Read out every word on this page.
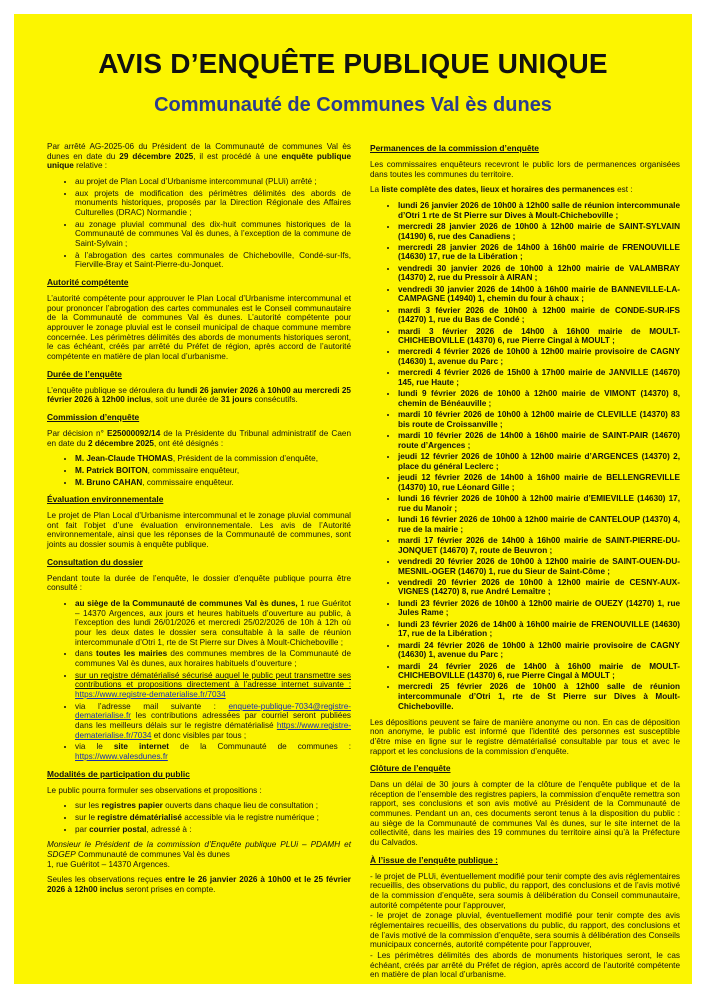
AVIS D’ENQUÊTE PUBLIQUE UNIQUE
Communauté de Communes Val ès dunes

Par arrêté AG-2025-06 du Président de la Communauté de communes Val ès dunes en date du 29 décembre 2025, il est procédé à une enquête publique unique relative :

• au projet de Plan Local d’Urbanisme intercommunal (PLUi) arrêté ;
• aux projets de modification des périmètres délimités des abords de monuments historiques, proposés par la Direction Régionale des Affaires Culturelles (DRAC) Normandie ;
• au zonage pluvial communal des dix-huit communes historiques de la Communauté de communes Val ès dunes, à l’exception de la commune de Saint-Sylvain ;
• à l’abrogation des cartes communales de Chicheboville, Condé-sur-Ifs, Fierville-Bray et Saint-Pierre-du-Jonquet.
Autorité compétente

L’autorité compétente pour approuver le Plan Local d’Urbanisme intercommunal et pour prononcer l’abrogation des cartes communales est le Conseil communautaire de la Communauté de communes Val ès dunes. L’autorité compétente pour approuver le zonage pluvial est le conseil municipal de chaque commune membre concernée. Les périmètres délimités des abords de monuments historiques seront, le cas échéant, créés par arrêté du Préfet de région, après accord de l’autorité compétente en matière de plan local d’urbanisme.

Durée de l’enquête

L’enquête publique se déroulera du lundi 26 janvier 2026 à 10h00 au mercredi 25 février 2026 à 12h00 inclus, soit une durée de 31 jours consécutifs.

Commission d’enquête

Par décision n° E25000092/14 de la Présidente du Tribunal administratif de Caen en date du 2 décembre 2025, ont été désignés :

• M. Jean-Claude THOMAS, Président de la commission d’enquête,
• M. Patrick BOITON, commissaire enquêteur,
• M. Bruno CAHAN, commissaire enquêteur.
Évaluation environnementale

Le projet de Plan Local d’Urbanisme intercommunal et le zonage pluvial communal ont fait l’objet d’une évaluation environnementale. Les avis de l’Autorité environnementale, ainsi que les réponses de la Communauté de communes, sont joints au dossier soumis à enquête publique.

Consultation du dossier

Pendant toute la durée de l’enquête, le dossier d’enquête publique pourra être consulté :

• au siège de la Communauté de communes Val ès dunes, 1 rue Guéritot – 14370 Argences, aux jours et heures habituels d’ouverture au public, à l’exception des lundi 26/01/2026 et mercredi 25/02/2026 de 10h à 12h où pour les deux dates le dossier sera consultable à la salle de réunion intercommunale d’Otri 1, rte de St Pierre sur Dives à Moult-Chicheboville ;
• dans toutes les mairies des communes membres de la Communauté de communes Val ès dunes, aux horaires habituels d’ouverture ;
• sur un registre dématérialisé sécurisé auquel le public peut transmettre ses contributions et propositions directement à l’adresse internet suivante : https://www.registre-dematerialise.fr/7034
• via l’adresse mail suivante : enquete-publique-7034@registre-dematerialise.fr les contributions adressées par courriel seront publiées dans les meilleurs délais sur le registre dématérialisé https://www.registre-dematerialise.fr/7034 et donc visibles par tous ;
• via le site internet de la Communauté de communes : https://www.valesdunes.fr
Modalités de participation du public

Le public pourra formuler ses observations et propositions :

• sur les registres papier ouverts dans chaque lieu de consultation ;
• sur le registre dématérialisé accessible via le registre numérique ;
• par courrier postal, adressé à :

Monsieur le Président de la commission d’Enquête publique PLUi – PDAMH et SDGEP Communauté de communes Val ès dunes
1, rue Guéritot – 14370 Argences.

Seules les observations reçues entre le 26 janvier 2026 à 10h00 et le 25 février 2026 à 12h00 inclus seront prises en compte.

Permanences de la commission d’enquête

Les commissaires enquêteurs recevront le public lors de permanences organisées dans toutes les communes du territoire.

La liste complète des dates, lieux et horaires des permanences est :

• lundi 26 janvier 2026 de 10h00 à 12h00 salle de réunion intercommunale d’Otri 1 rte de St Pierre sur Dives à Moult-Chicheboville ;
• mercredi 28 janvier 2026 de 10h00 à 12h00 mairie de SAINT-SYLVAIN (14190) 6, rue des Canadiens ;
• mercredi 28 janvier 2026 de 14h00 à 16h00 mairie de FRENOUVILLE (14630) 17, rue de la Libération ;
• vendredi 30 janvier 2026 de 10h00 à 12h00 mairie de VALAMBRAY (14370) 2, rue du Pressoir à AIRAN ;
• vendredi 30 janvier 2026 de 14h00 à 16h00 mairie de BANNEVILLE-LA-CAMPAGNE (14940) 1, chemin du four à chaux ;
• mardi 3 février 2026 de 10h00 à 12h00 mairie de CONDE-SUR-IFS (14270) 1, rue du Bas de Condé ;
• mardi 3 février 2026 de 14h00 à 16h00 mairie de MOULT-CHICHEBOVILLE (14370) 6, rue Pierre Cingal à MOULT ;
• mercredi 4 février 2026 de 10h00 à 12h00 mairie provisoire de CAGNY (14630) 1, avenue du Parc ;
• mercredi 4 février 2026 de 15h00 à 17h00 mairie de JANVILLE (14670) 145, rue Haute ;
• lundi 9 février 2026 de 10h00 à 12h00 mairie de VIMONT (14370) 8, chemin de Bénéauville ;
• mardi 10 février 2026 de 10h00 à 12h00 mairie de CLEVILLE (14370) 83 bis route de Croissanville ;
• mardi 10 février 2026 de 14h00 à 16h00 mairie de SAINT-PAIR (14670) route d’Argences ;
• jeudi 12 février 2026 de 10h00 à 12h00 mairie d’ARGENCES (14370) 2, place du général Leclerc ;
• jeudi 12 février 2026 de 14h00 à 16h00 mairie de BELLENGREVILLE (14370) 10, rue Léonard Gille ;
• lundi 16 février 2026 de 10h00 à 12h00 mairie d’EMIEVILLE (14630) 17, rue du Manoir ;
• lundi 16 février 2026 de 10h00 à 12h00 mairie de CANTELOUP (14370) 4, rue de la mairie ;
• mardi 17 février 2026 de 14h00 à 16h00 mairie de SAINT-PIERRE-DU-JONQUET (14670) 7, route de Beuvron ;
• vendredi 20 février 2026 de 10h00 à 12h00 mairie de SAINT-OUEN-DU-MESNIL-OGER (14670) 1, rue du Sieur de Saint-Côme ;
• vendredi 20 février 2026 de 10h00 à 12h00 mairie de CESNY-AUX-VIGNES (14270) 8, rue André Lemaître ;
• lundi 23 février 2026 de 10h00 à 12h00 mairie de OUEZY (14270) 1, rue Jules Rame ;
• lundi 23 février 2026 de 14h00 à 16h00 mairie de FRENOUVILLE (14630) 17, rue de la Libération ;
• mardi 24 février 2026 de 10h00 à 12h00 mairie provisoire de CAGNY (14630) 1, avenue du Parc ;
• mardi 24 février 2026 de 14h00 à 16h00 mairie de MOULT-CHICHEBOVILLE (14370) 6, rue Pierre Cingal à MOULT ;
• mercredi 25 février 2026 de 10h00 à 12h00 salle de réunion intercommunale d’Otri 1, rte de St Pierre sur Dives à Moult-Chicheboville.

Les dépositions peuvent se faire de manière anonyme ou non. En cas de déposition non anonyme, le public est informé que l’identité des personnes est susceptible d’être mise en ligne sur le registre dématérialisé consultable par tous et avec le rapport et les conclusions de la commission d’enquête.

Clôture de l’enquête

Dans un délai de 30 jours à compter de la clôture de l’enquête publique et de la réception de l’ensemble des registres papiers, la commission d’enquête remettra son rapport, ses conclusions et son avis motivé au Président de la Communauté de communes. Pendant un an, ces documents seront tenus à la disposition du public : au siège de la Communauté de communes Val ès dunes, sur le site internet de la collectivité, dans les mairies des 19 communes du territoire ainsi qu’à la Préfecture du Calvados.

À l’issue de l’enquête publique :

- le projet de PLUi, éventuellement modifié pour tenir compte des avis réglementaires recueillis, des observations du public, du rapport, des conclusions et de l’avis motivé de la commission d’enquête, sera soumis à délibération du Conseil communautaire, autorité compétente pour l’approuver,

- le projet de zonage pluvial, éventuellement modifié pour tenir compte des avis réglementaires recueillis, des observations du public, du rapport, des conclusions et de l’avis motivé de la commission d’enquête, sera soumis à délibération des Conseils municipaux concernés, autorité compétente pour l’approuver,

- Les périmètres délimités des abords de monuments historiques seront, le cas échéant, créés par arrêté du Préfet de région, après accord de l’autorité compétente en matière de plan local d’urbanisme.
